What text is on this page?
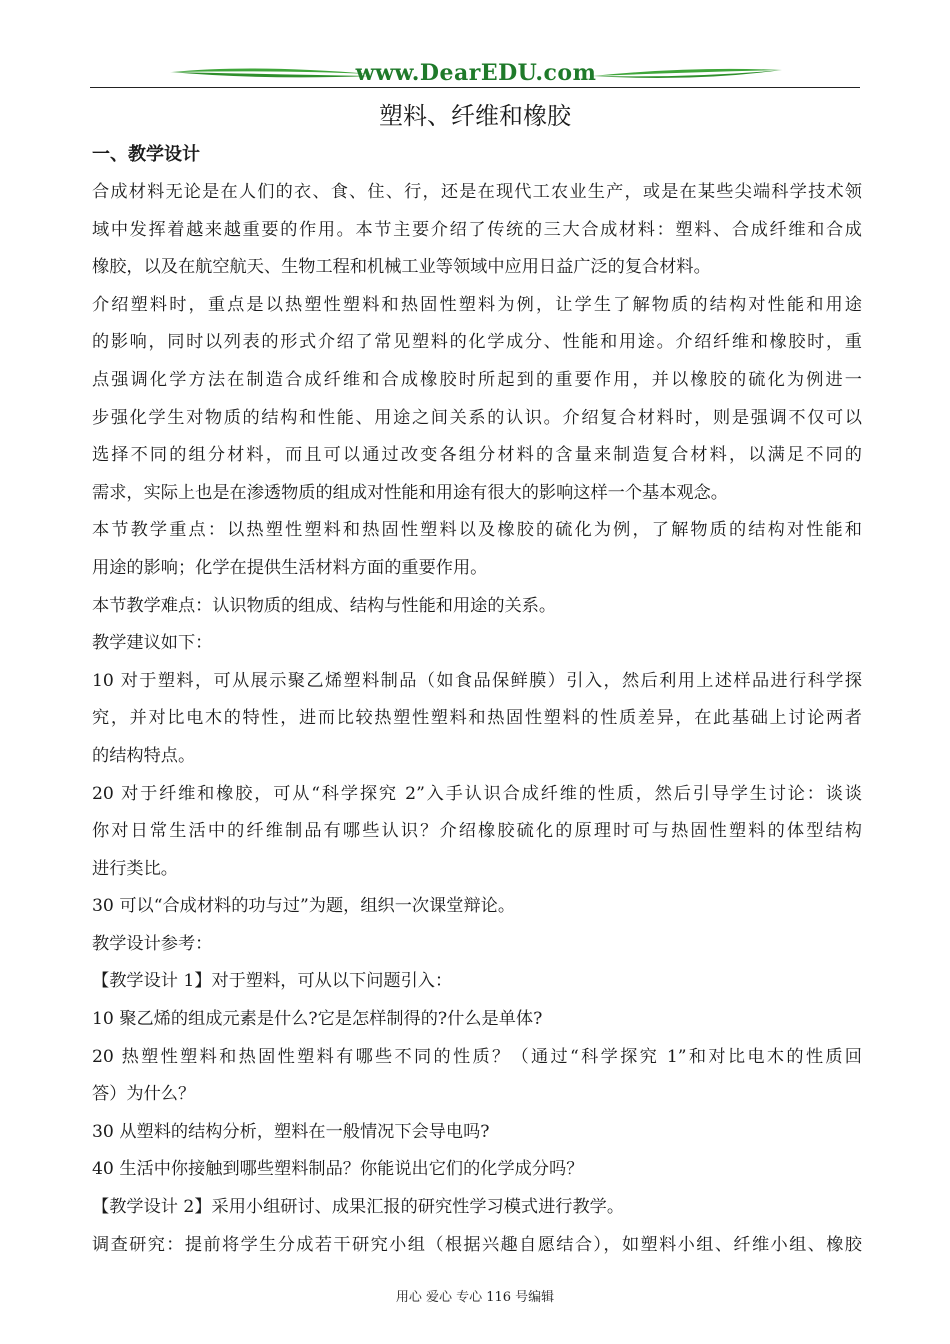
www.DearEDU.com
塑料、纤维和橡胶
一、教学设计
合成材料无论是在人们的衣、食、住、行，还是在现代工农业生产，或是在某些尖端科学技术领
域中发挥着越来越重要的作用。本节主要介绍了传统的三大合成材料：塑料、合成纤维和合成
橡胶，以及在航空航天、生物工程和机械工业等领域中应用日益广泛的复合材料。
介绍塑料时，重点是以热塑性塑料和热固性塑料为例，让学生了解物质的结构对性能和用途
的影响，同时以列表的形式介绍了常见塑料的化学成分、性能和用途。介绍纤维和橡胶时，重
点强调化学方法在制造合成纤维和合成橡胶时所起到的重要作用，并以橡胶的硫化为例进一
步强化学生对物质的结构和性能、用途之间关系的认识。介绍复合材料时，则是强调不仅可以
选择不同的组分材料，而且可以通过改变各组分材料的含量来制造复合材料，以满足不同的
需求，实际上也是在渗透物质的组成对性能和用途有很大的影响这样一个基本观念。
本节教学重点：以热塑性塑料和热固性塑料以及橡胶的硫化为例，了解物质的结构对性能和
用途的影响；化学在提供生活材料方面的重要作用。
本节教学难点：认识物质的组成、结构与性能和用途的关系。
教学建议如下：
10 对于塑料，可从展示聚乙烯塑料制品（如食品保鲜膜）引入，然后利用上述样品进行科学探
究，并对比电木的特性，进而比较热塑性塑料和热固性塑料的性质差异，在此基础上讨论两者
的结构特点。
20 对于纤维和橡胶，可从“科学探究 2”入手认识合成纤维的性质，然后引导学生讨论：谈谈
你对日常生活中的纤维制品有哪些认识？介绍橡胶硫化的原理时可与热固性塑料的体型结构
进行类比。
30 可以“合成材料的功与过”为题，组织一次课堂辩论。
教学设计参考：
【教学设计 1】对于塑料，可从以下问题引入：
10 聚乙烯的组成元素是什么?它是怎样制得的?什么是单体?
20 热塑性塑料和热固性塑料有哪些不同的性质？（通过“科学探究 1”和对比电木的性质回
答）为什么？
30 从塑料的结构分析，塑料在一般情况下会导电吗?
40 生活中你接触到哪些塑料制品？你能说出它们的化学成分吗？
【教学设计 2】采用小组研讨、成果汇报的研究性学习模式进行教学。
调查研究：提前将学生分成若干研究小组（根据兴趣自愿结合），如塑料小组、纤维小组、橡胶
用心 爱心 专心 116 号编辑
